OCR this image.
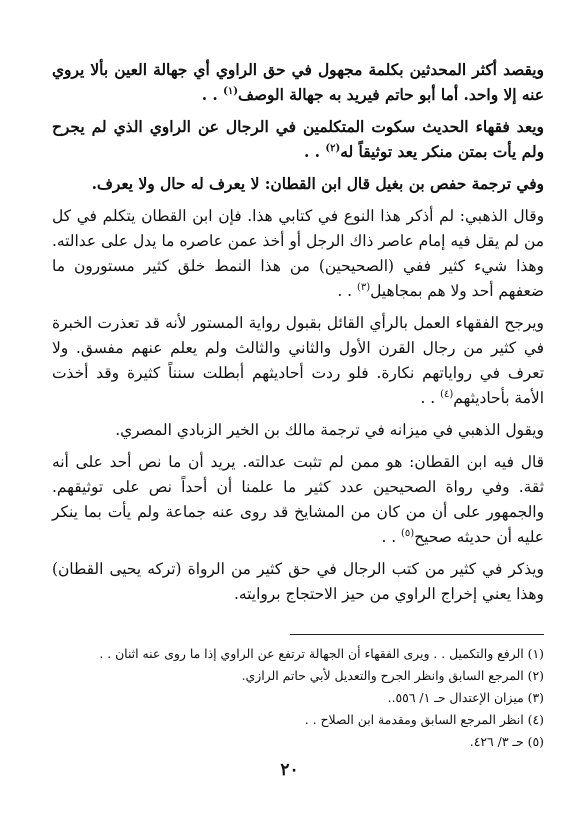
ويقصد أكثر المحدثين بكلمة مجهول في حق الراوي أي جهالة العين بألا يروي عنه إلا واحد. أما أبو حاتم فيريد به جهالة الوصف$^{(١)}$ . .

ويعد فقهاء الحديث سكوت المتكلمين في الرجال عن الراوي الذي لم يجرح ولم يأت بمتن منكر يعد توثيقاً له$^{(٢)}$ . .

وفي ترجمة حفص بن بغيل قال ابن القطان: لا يعرف له حال ولا يعرف.

وقال الذهبي: لم أذكر هذا النوع في كتابي هذا. فإن ابن القطان يتكلم في كل من لم يقل فيه إمام عاصر ذاك الرجل أو أخذ عمن عاصره ما يدل على عدالته. وهذا شيء كثير ففي (الصحيحين) من هذا النمط خلق كثير مستورون ما ضعفهم أحد ولا هم بمجاهيل$^{(٣)}$ . .

ويرجح الفقهاء العمل بالرأي القائل بقبول رواية المستور لأنه قد تعذرت الخبرة في كثير من رجال القرن الأول والثاني والثالث ولم يعلم عنهم مفسق. ولا تعرف في رواياتهم نكارة. فلو ردت أحاديثهم أبطلت سنناً كثيرة وقد أخذت الأمة بأحاديثهم$^{(٤)}$ . .

ويقول الذهبي في ميزانه في ترجمة مالك بن الخير الزبادي المصري.

قال فيه ابن القطان: هو ممن لم تثبت عدالته. يريد أن ما نص أحد على أنه ثقة. وفي رواة الصحيحين عدد كثير ما علمنا أن أحداً نص على توثيقهم. والجمهور على أن من كان من المشايخ قد روى عنه جماعة ولم يأت بما ينكر عليه أن حديثه صحيح$^{(٥)}$ . .

ويذكر في كثير من كتب الرجال في حق كثير من الرواة (تركه يحيى القطان) وهذا يعني إخراج الراوي من حيز الاحتجاج بروايته.

(١) الرفع والتكميل . . ويرى الفقهاء أن الجهالة ترتفع عن الراوي إذا ما روى عنه اثنان . .

(٢) المرجع السابق وانظر الجرح والتعديل لأبي حاتم الرازي.

(٣) ميزان الإعتدال حـ ١/ ٥٥٦..

(٤) انظر المرجع السابق ومقدمة ابن الصلاح . .

(٥) حـ ٣/ ٤٢٦.

٢٠
